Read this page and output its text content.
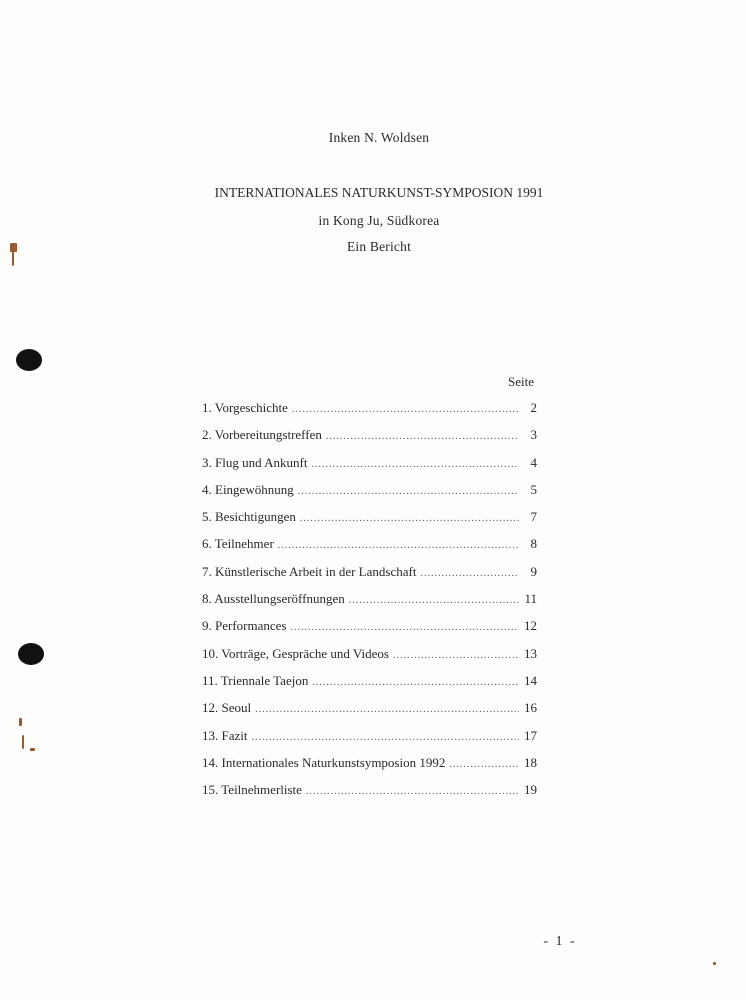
Inken N. Woldsen
INTERNATIONALES NATURKUNST-SYMPOSION 1991
in Kong Ju, Südkorea
Ein Bericht
Seite
1. Vorgeschichte .....	2
2. Vorbereitungstreffen .....	3
3. Flug und Ankunft .....	4
4. Eingewöhnung .....	5
5. Besichtigungen .....	7
6. Teilnehmer .....	8
7. Künstlerische Arbeit in der Landschaft .....	9
8. Ausstellungseröffnungen .....	11
9. Performances .....	12
10. Vorträge, Gespräche und Videos .....	13
11. Triennale Taejon .....	14
12. Seoul .....	16
13. Fazit .....	17
14. Internationales Naturkunstsymposion 1992 .....	18
15. Teilnehmerliste .....	19
- 1 -
